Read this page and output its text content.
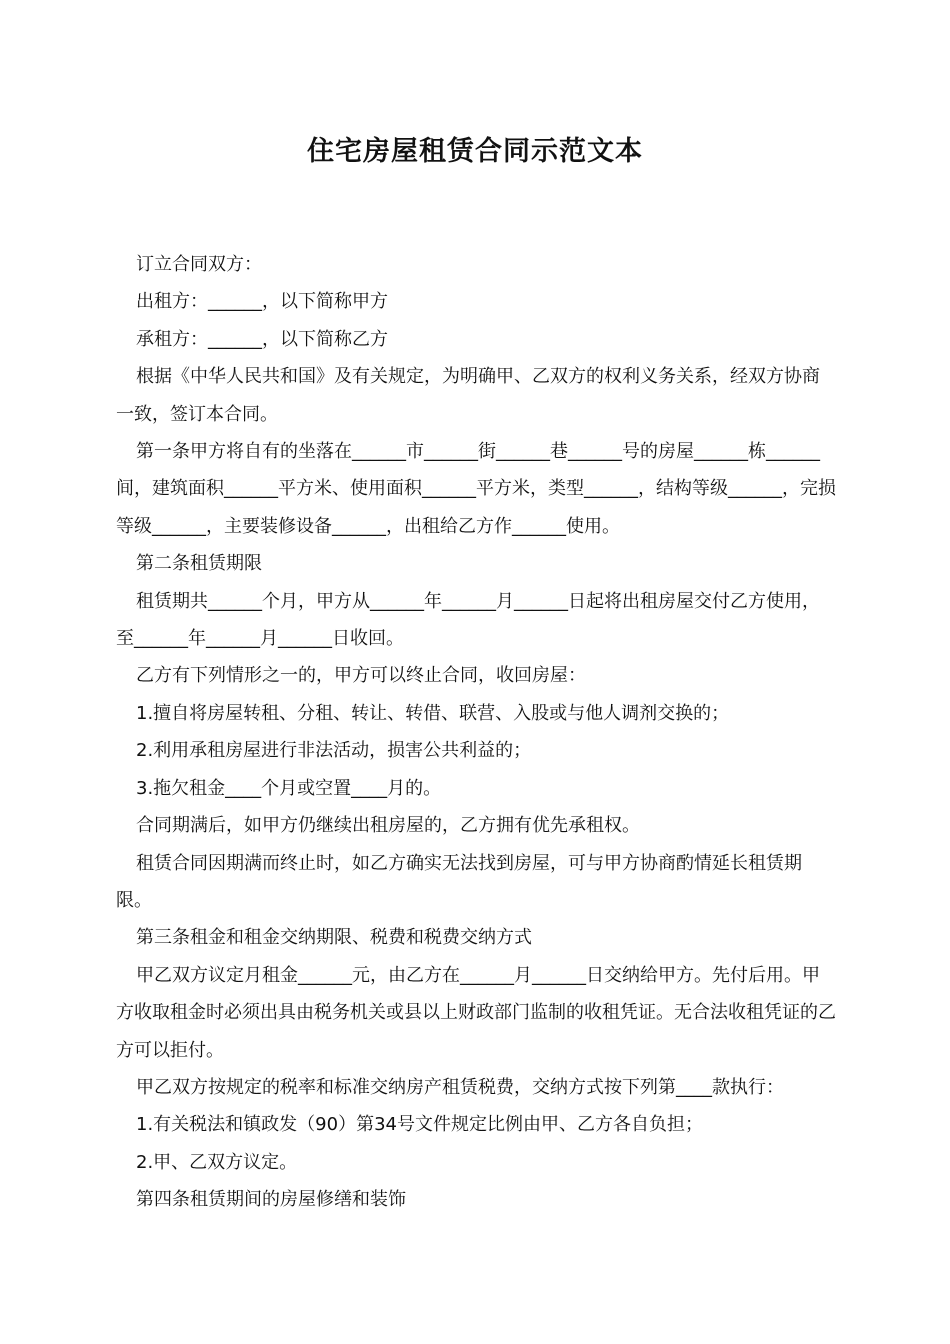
住宅房屋租赁合同示范文本

订立合同双方：

出租方：______，以下简称甲方

承租方：______，以下简称乙方

根据《中华人民共和国》及有关规定，为明确甲、乙双方的权利义务关系，经双方协商一致，签订本合同。

第一条甲方将自有的坐落在______市______街______巷______号的房屋______栋______间，建筑面积______平方米、使用面积______平方米，类型______，结构等级______，完损等级______，主要装修设备______，出租给乙方作______使用。

第二条租赁期限

租赁期共______个月，甲方从______年______月______日起将出租房屋交付乙方使用，至______年______月______日收回。

乙方有下列情形之一的，甲方可以终止合同，收回房屋：

1.擅自将房屋转租、分租、转让、转借、联营、入股或与他人调剂交换的；

2.利用承租房屋进行非法活动，损害公共利益的；

3.拖欠租金____个月或空置____月的。

合同期满后，如甲方仍继续出租房屋的，乙方拥有优先承租权。

租赁合同因期满而终止时，如乙方确实无法找到房屋，可与甲方协商酌情延长租赁期限。

第三条租金和租金交纳期限、税费和税费交纳方式

甲乙双方议定月租金______元，由乙方在______月______日交纳给甲方。先付后用。甲方收取租金时必须出具由税务机关或县以上财政部门监制的收租凭证。无合法收租凭证的乙方可以拒付。

甲乙双方按规定的税率和标准交纳房产租赁税费，交纳方式按下列第____款执行：

1.有关税法和镇政发（90）第34号文件规定比例由甲、乙方各自负担；

2.甲、乙双方议定。

第四条租赁期间的房屋修缮和装饰
